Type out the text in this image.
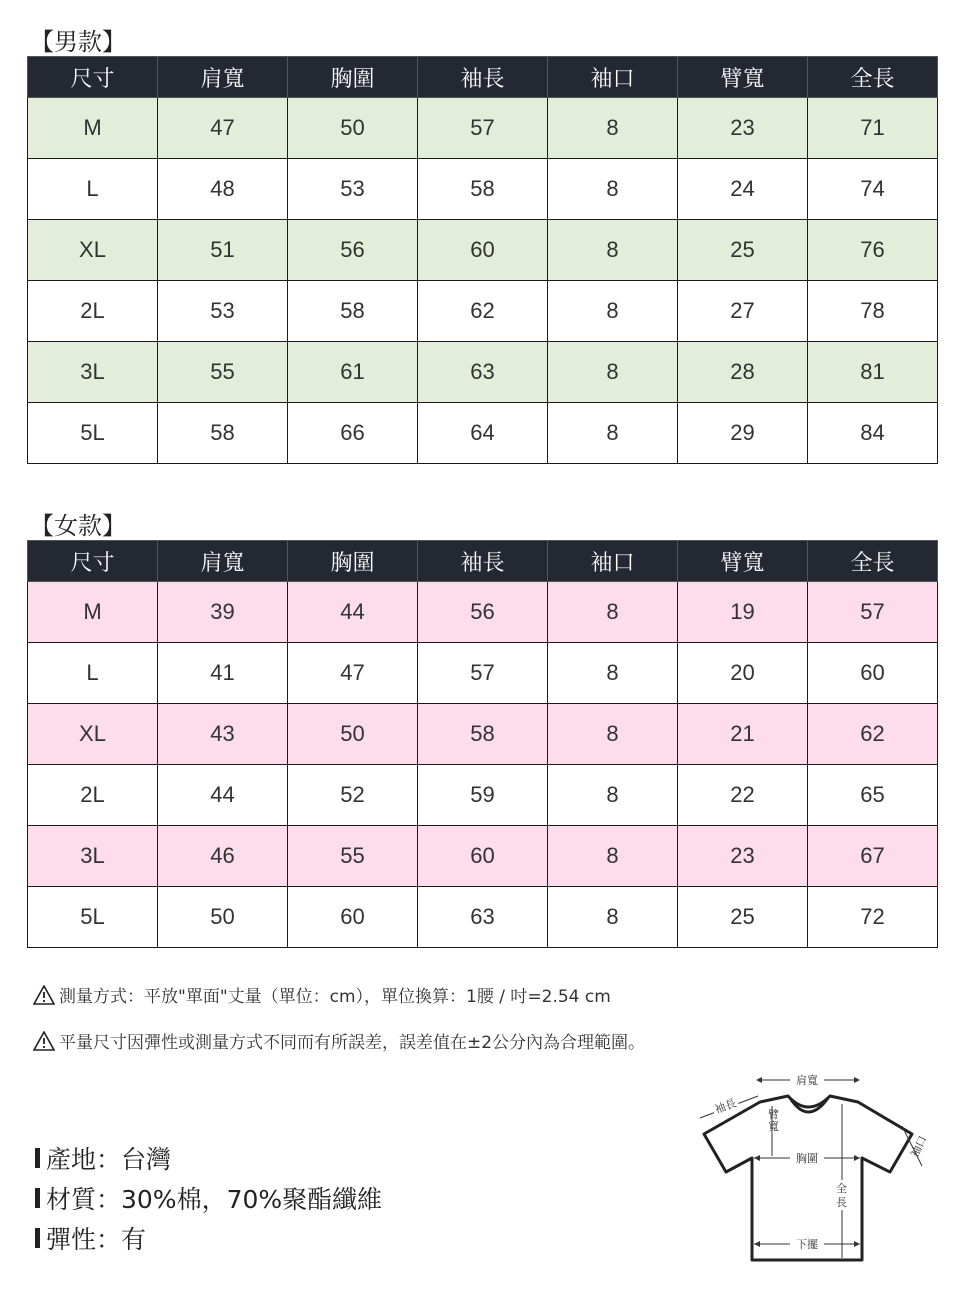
【男款】
尺寸	肩寬	胸圍	袖長	袖口	臂寬	全長
M	47	50	57	8	23	71
L	48	53	58	8	24	74
XL	51	56	60	8	25	76
2L	53	58	62	8	27	78
3L	55	61	63	8	28	81
5L	58	66	64	8	29	84
【女款】
尺寸	肩寬	胸圍	袖長	袖口	臂寬	全長
M	39	44	56	8	19	57
L	41	47	57	8	20	60
XL	43	50	58	8	21	62
2L	44	52	59	8	22	65
3L	46	55	60	8	23	67
5L	50	60	63	8	25	72
測量方式：平放"單面"丈量（單位：cm），單位換算：1腰 / 吋=2.54 cm
平量尺寸因彈性或測量方式不同而有所誤差，誤差值在±2公分內為合理範圍。
產地：台灣
材質：30%棉，70%聚酯纖維
彈性：有
肩寬
袖長	臂 寬
胸圍
全 長
下擺
袖口
